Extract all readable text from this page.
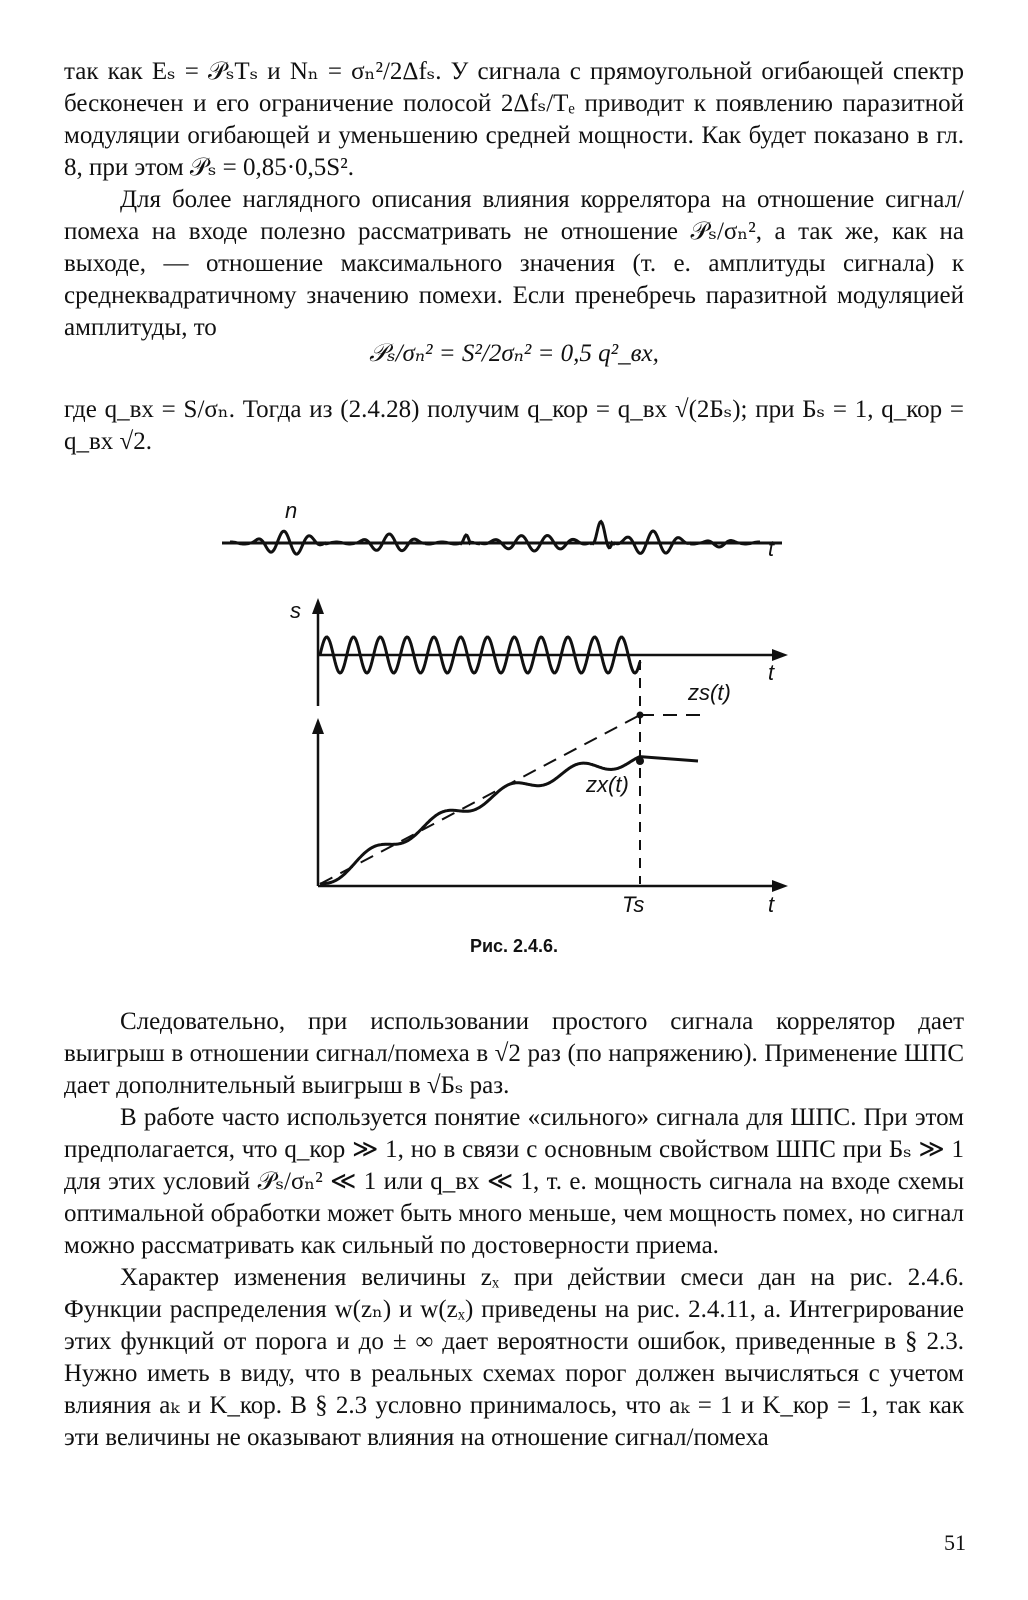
так как Eₛ = 𝒫ₛTₛ и Nₙ = σₙ²/2Δfₛ. У сигнала с прямоугольной огибающей спектр бесконечен и его ограничение полосой 2Δfₛ/Tₑ приводит к появлению паразитной модуляции огибающей и уменьшению средней мощности. Как будет показано в гл. 8, при этом 𝒫ₛ = 0,85·0,5S².

Для более наглядного описания влияния коррелятора на отношение сигнал/помеха на входе полезно рассматривать не отношение 𝒫ₛ/σₙ², а так же, как на выходе, — отношение максимального значения (т. е. амплитуды сигнала) к среднеквадратичному значению помехи. Если пренебречь паразитной модуляцией амплитуды, то

𝒫ₛ/σₙ² = S²/2σₙ² = 0,5 q²_вх,

где q_вх = S/σₙ. Тогда из (2.4.28) получим q_кор = q_вх √(2Бₛ); при Бₛ = 1, q_кор = q_вх √2.

n
t
s
t
zs(t)
zx(t)
Ts	t
Рис. 2.4.6.

Следовательно, при использовании простого сигнала коррелятор дает выигрыш в отношении сигнал/помеха в √2 раз (по напряжению). Применение ШПС дает дополнительный выигрыш в √Бₛ раз.

В работе часто используется понятие «сильного» сигнала для ШПС. При этом предполагается, что q_кор ≫ 1, но в связи с основным свойством ШПС при Бₛ ≫ 1 для этих условий 𝒫ₛ/σₙ² ≪ 1 или q_вх ≪ 1, т. е. мощность сигнала на входе схемы оптимальной обработки может быть много меньше, чем мощность помех, но сигнал можно рассматривать как сильный по достоверности приема.

Характер изменения величины zₓ при действии смеси дан на рис. 2.4.6. Функции распределения w(zₙ) и w(zₓ) приведены на рис. 2.4.11, а. Интегрирование этих функций от порога и до ± ∞ дает вероятности ошибок, приведенные в § 2.3. Нужно иметь в виду, что в реальных схемах порог должен вычисляться с учетом влияния aₖ и K_кор. В § 2.3 условно принималось, что aₖ = 1 и K_кор = 1, так как эти величины не оказывают влияния на отношение сигнал/помеха

51
